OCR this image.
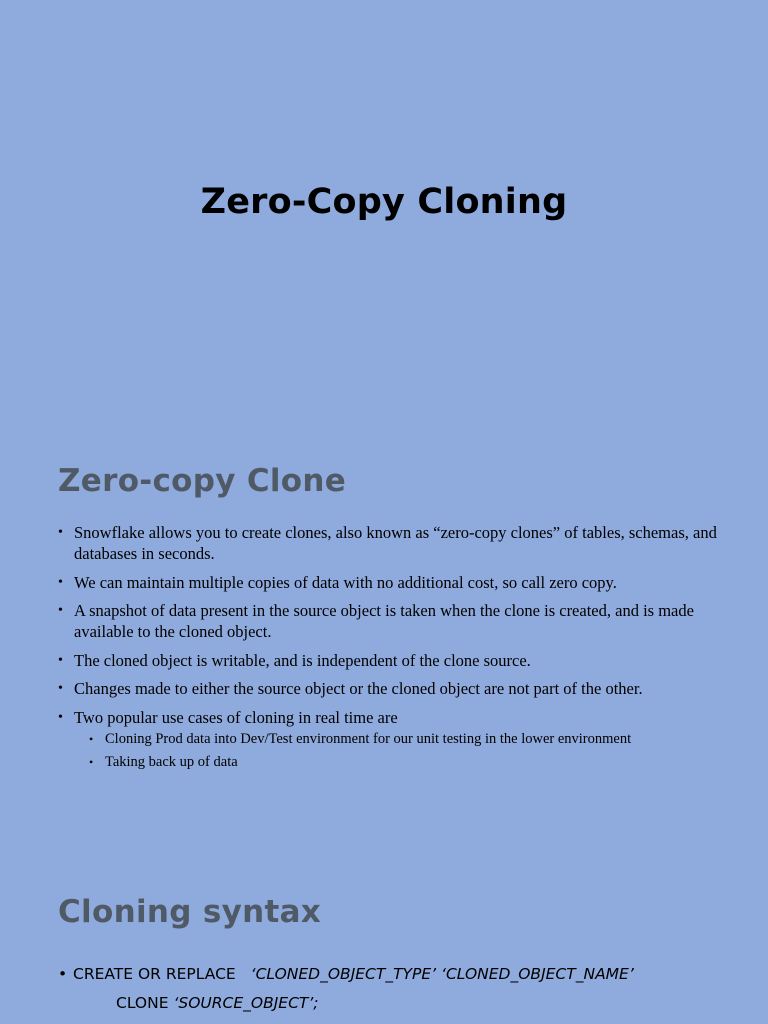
Zero-Copy Cloning
Zero-copy Clone
• Snowflake allows you to create clones, also known as “zero-copy clones” of tables, schemas, and databases in seconds.
• We can maintain multiple copies of data with no additional cost, so call zero copy.
• A snapshot of data present in the source object is taken when the clone is created, and is made available to the cloned object.
• The cloned object is writable, and is independent of the clone source.
• Changes made to either the source object or the cloned object are not part of the other.
• Two popular use cases of cloning in real time are
• Cloning Prod data into Dev/Test environment for our unit testing in the lower environment
• Taking back up of data
Cloning syntax
• CREATE OR REPLACE ‘CLONED_OBJECT_TYPE’ ‘CLONED_OBJECT_NAME’
CLONE ‘SOURCE_OBJECT’;
